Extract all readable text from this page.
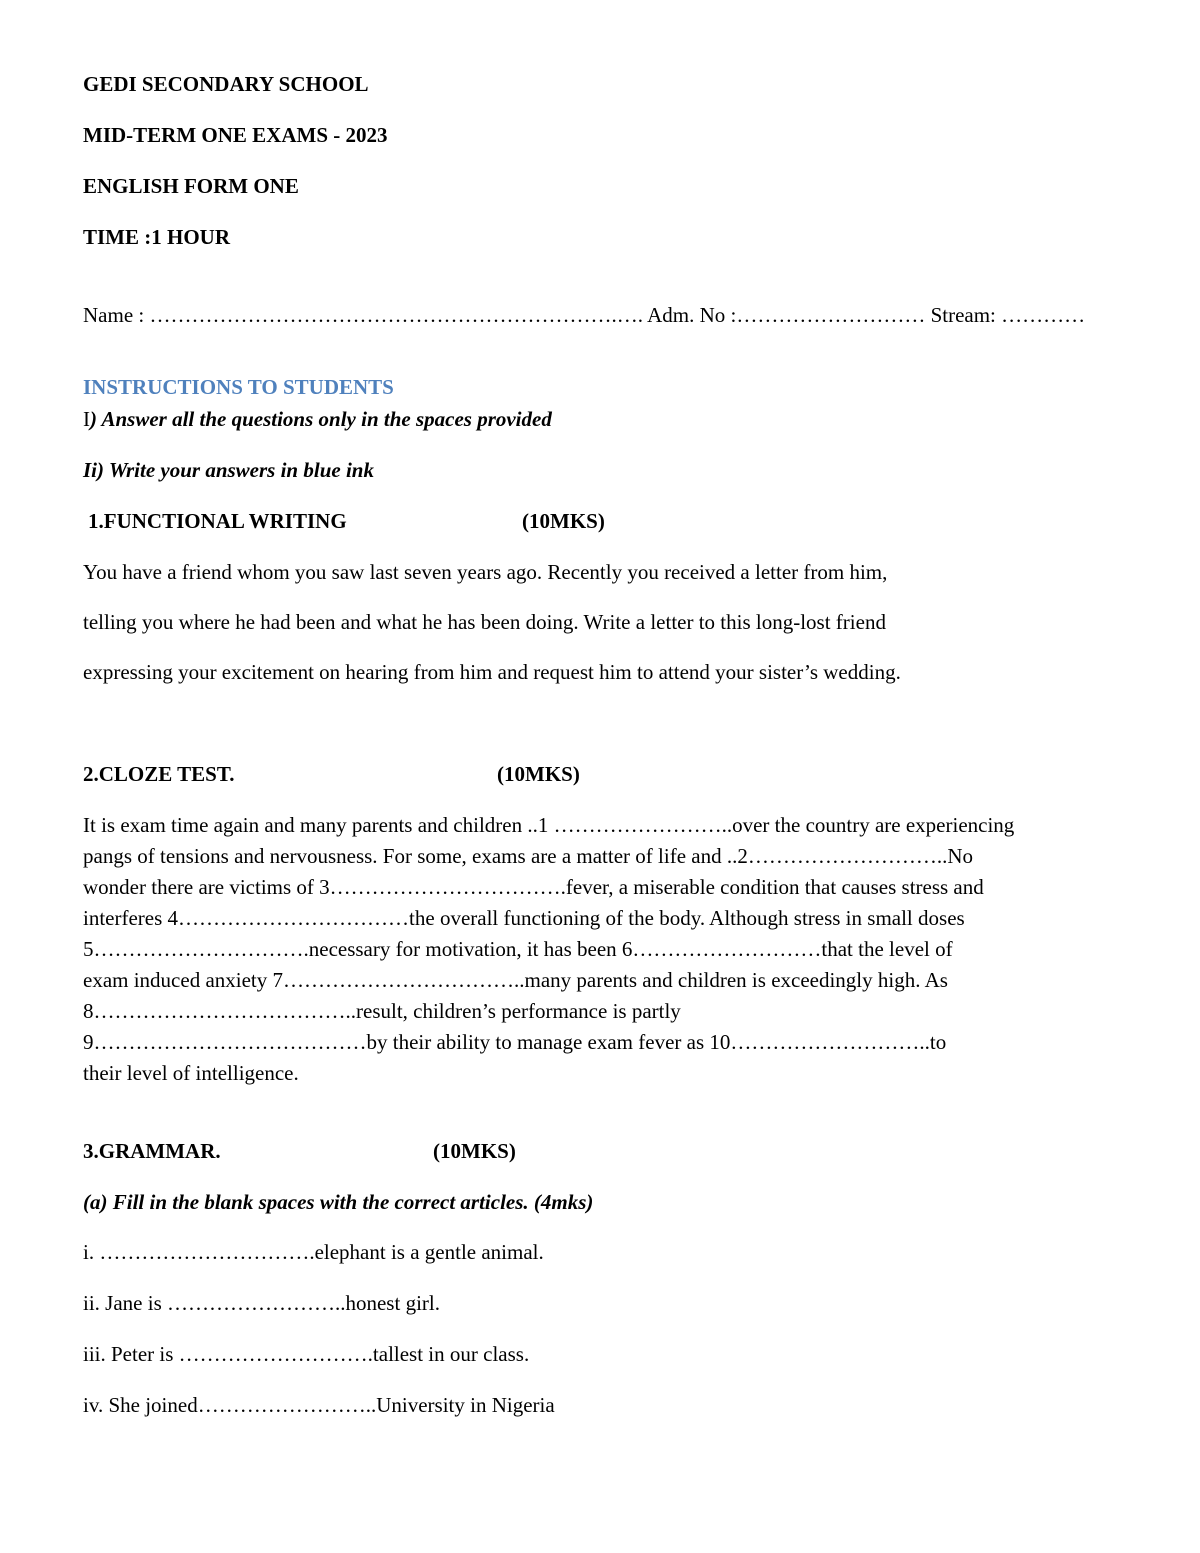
GEDI SECONDARY SCHOOL
MID-TERM ONE EXAMS - 2023
ENGLISH FORM ONE
TIME :1 HOUR
Name : ………………………………………………………….…. Adm. No :……………………… Stream: …………
INSTRUCTIONS TO STUDENTS
I) Answer all the questions only in the spaces provided
Ii) Write your answers in blue ink
1.FUNCTIONAL WRITING	(10MKS)
You have a friend whom you saw last seven years ago. Recently you received a letter from him,
telling you where he had been and what he has been doing. Write a letter to this long-lost friend
expressing your excitement on hearing from him and request him to attend your sister’s wedding.
2.CLOZE TEST.	(10MKS)
It is exam time again and many parents and children ..1 ……………………..over the country are experiencing
pangs of tensions and nervousness. For some, exams are a matter of life and ..2………………………..No
wonder there are victims of 3…………………………….fever, a miserable condition that causes stress and
interferes 4……………………………the overall functioning of the body. Although stress in small doses
5………………………….necessary for motivation, it has been 6………………………that the level of
exam induced anxiety 7……………………………..many parents and children is exceedingly high. As
8………………………………..result, children’s performance is partly
9…………………………………by their ability to manage exam fever as 10………………………..to
their level of intelligence.
3.GRAMMAR.	(10MKS)
(a) Fill in the blank spaces with the correct articles. (4mks)
i. ………………………….elephant is a gentle animal.
ii. Jane is ……………………..honest girl.
iii. Peter is ……………………….tallest in our class.
iv. She joined……………………..University in Nigeria
